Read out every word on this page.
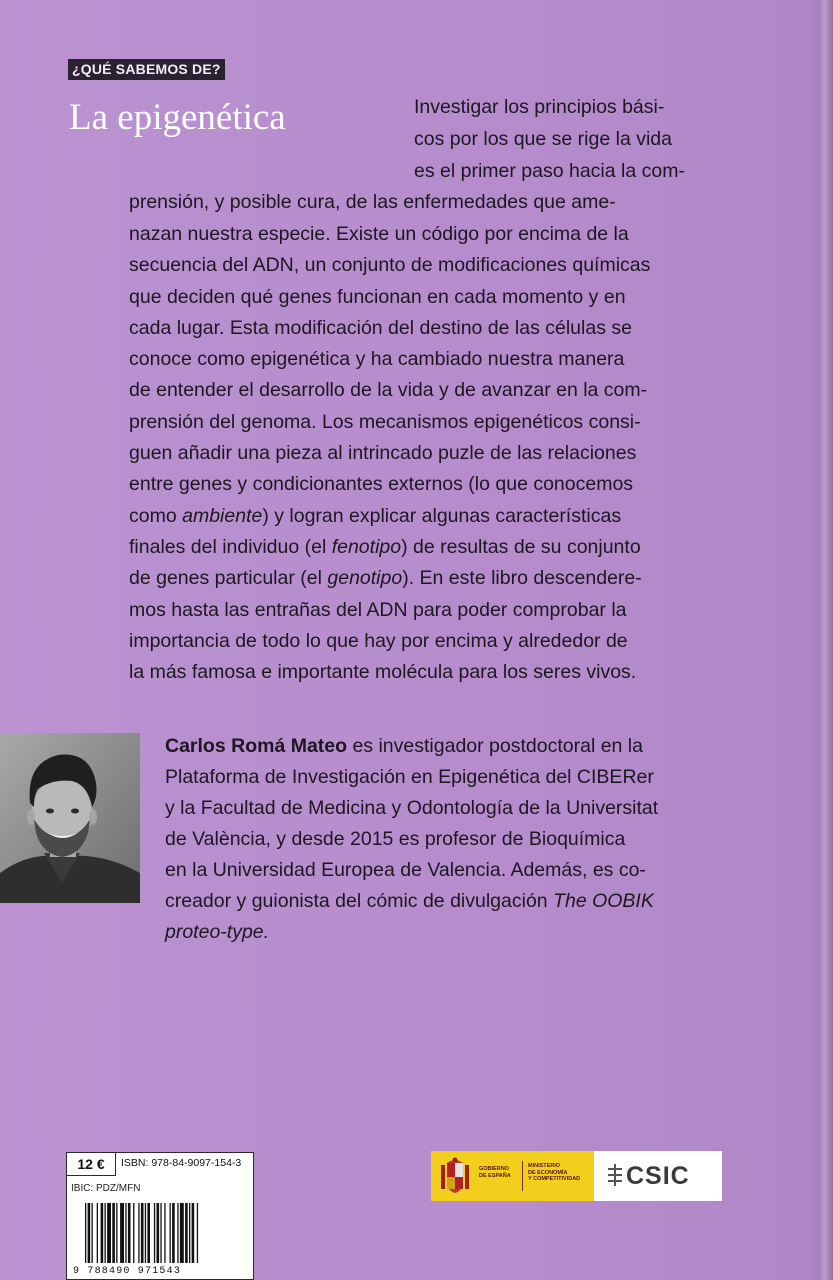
¿QUÉ SABEMOS DE?
La epigenética	Investigar los principios bási-
cos por los que se rige la vida
es el primer paso hacia la com-
prensión, y posible cura, de las enfermedades que ame-
nazan nuestra especie. Existe un código por encima de la
secuencia del ADN, un conjunto de modificaciones químicas
que deciden qué genes funcionan en cada momento y en
cada lugar. Esta modificación del destino de las células se
conoce como epigenética y ha cambiado nuestra manera
de entender el desarrollo de la vida y de avanzar en la com-
prensión del genoma. Los mecanismos epigenéticos consi-
guen añadir una pieza al intrincado puzle de las relaciones
entre genes y condicionantes externos (lo que conocemos
como ambiente) y logran explicar algunas características
finales del individuo (el fenotipo) de resultas de su conjunto
de genes particular (el genotipo). En este libro descendere-
mos hasta las entrañas del ADN para poder comprobar la
importancia de todo lo que hay por encima y alrededor de
la más famosa e importante molécula para los seres vivos.
Carlos Romá Mateo es investigador postdoctoral en la
Plataforma de Investigación en Epigenética del CIBERer
y la Facultad de Medicina y Odontología de la Universitat
de València, y desde 2015 es profesor de Bioquímica
en la Universidad Europea de Valencia. Además, es co-
creador y guionista del cómic de divulgación The OOBIK
proteo-type.
12 €	ISBN: 978-84-9097-154-3
IBIC: PDZ/MFN
9 788490 971543
GOBIERNO
DE ESPAÑA
MINISTERIO
DE ECONOMÍA
Y COMPETITIVIDAD CSIC
